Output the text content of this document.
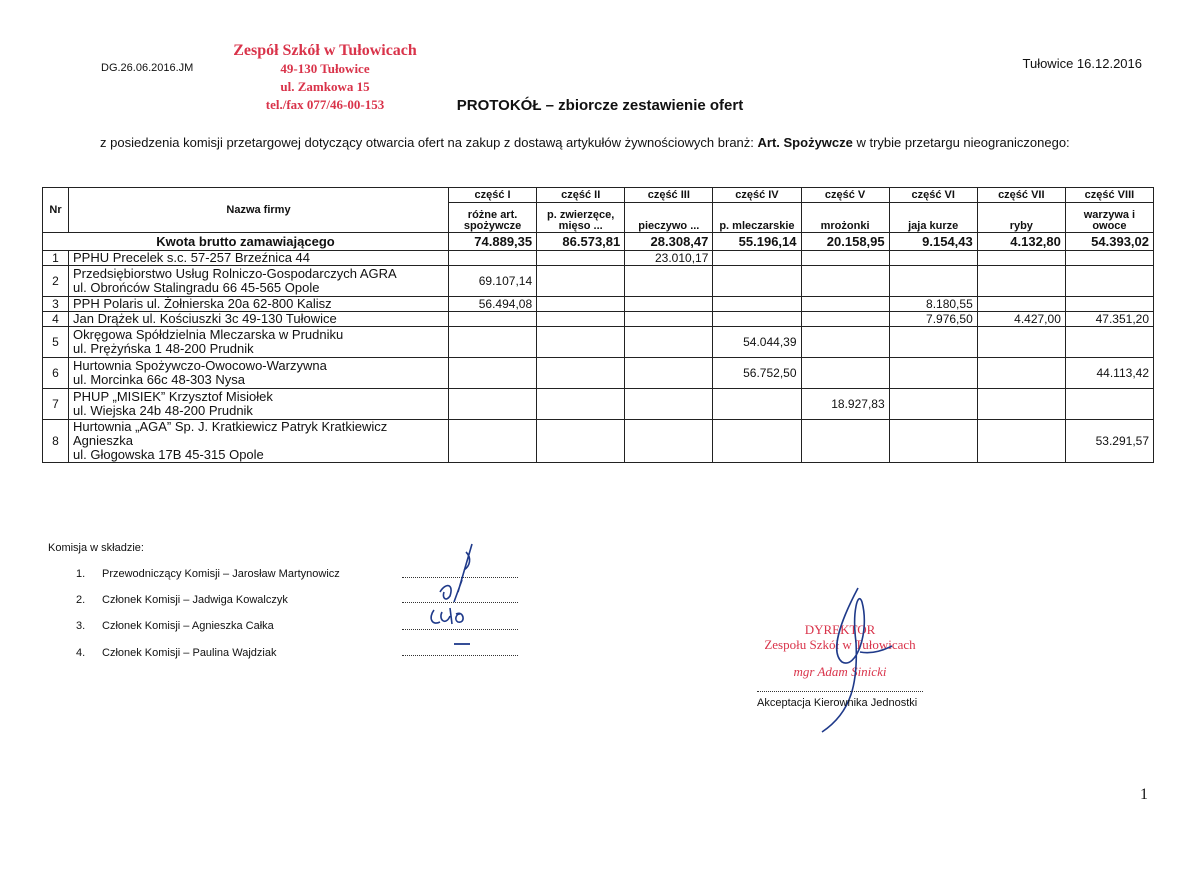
DG.26.06.2016.JM
Zespół Szkół w Tułowicach
49-130 Tułowice
ul. Zamkowa 15
tel./fax 077/46-00-153
Tułowice 16.12.2016
PROTOKÓŁ – zbiorcze zestawienie ofert
z posiedzenia komisji przetargowej dotyczący otwarcia ofert na zakup z dostawą artykułów żywnościowych branż: Art. Spożywcze w trybie przetargu nieograniczonego:
Nr	Nazwa firmy	część I	część II	część III	część IV	część V	część VI	część VII	część VIII
		różne art. spożywcze	p. zwierzęce, mięso ...	pieczywo ...	p. mleczarskie	mrożonki	jaja kurze	ryby	warzywa i owoce
Kwota brutto zamawiającego		74.889,35	86.573,81	28.308,47	55.196,14	20.158,95	9.154,43	4.132,80	54.393,02
1	PPHU Precelek s.c. 57-257 Brzeźnica 44			23.010,17					
2	Przedsiębiorstwo Usług Rolniczo-Gospodarczych AGRA
ul. Obrońców Stalingradu 66 45-565 Opole	69.107,14							
3	PPH Polaris ul. Żołnierska 20a 62-800 Kalisz	56.494,08					8.180,55		
4	Jan Drążek ul. Kościuszki 3c 49-130 Tułowice						7.976,50	4.427,00	47.351,20
5	Okręgowa Spółdzielnia Mleczarska w Prudniku
ul. Prężyńska 1 48-200 Prudnik				54.044,39				
6	Hurtownia Spożywczo-Owocowo-Warzywna
ul. Morcinka 66c 48-303 Nysa				56.752,50				44.113,42
7	PHUP „MISIEK” Krzysztof Misiołek
ul. Wiejska 24b 48-200 Prudnik					18.927,83			
8	Hurtownia „AGA” Sp. J. Kratkiewicz Patryk Kratkiewicz
Agnieszka
ul. Głogowska 17B 45-315 Opole								53.291,57
Komisja w składzie:
1. Przewodniczący Komisji – Jarosław Martynowicz
2. Członek Komisji – Jadwiga Kowalczyk
3. Członek Komisji – Agnieszka Całka
4. Członek Komisji – Paulina Wajdziak
DYREKTOR
Zespołu Szkół w Tułowicach
mgr Adam Sinicki
Akceptacja Kierownika Jednostki
1
